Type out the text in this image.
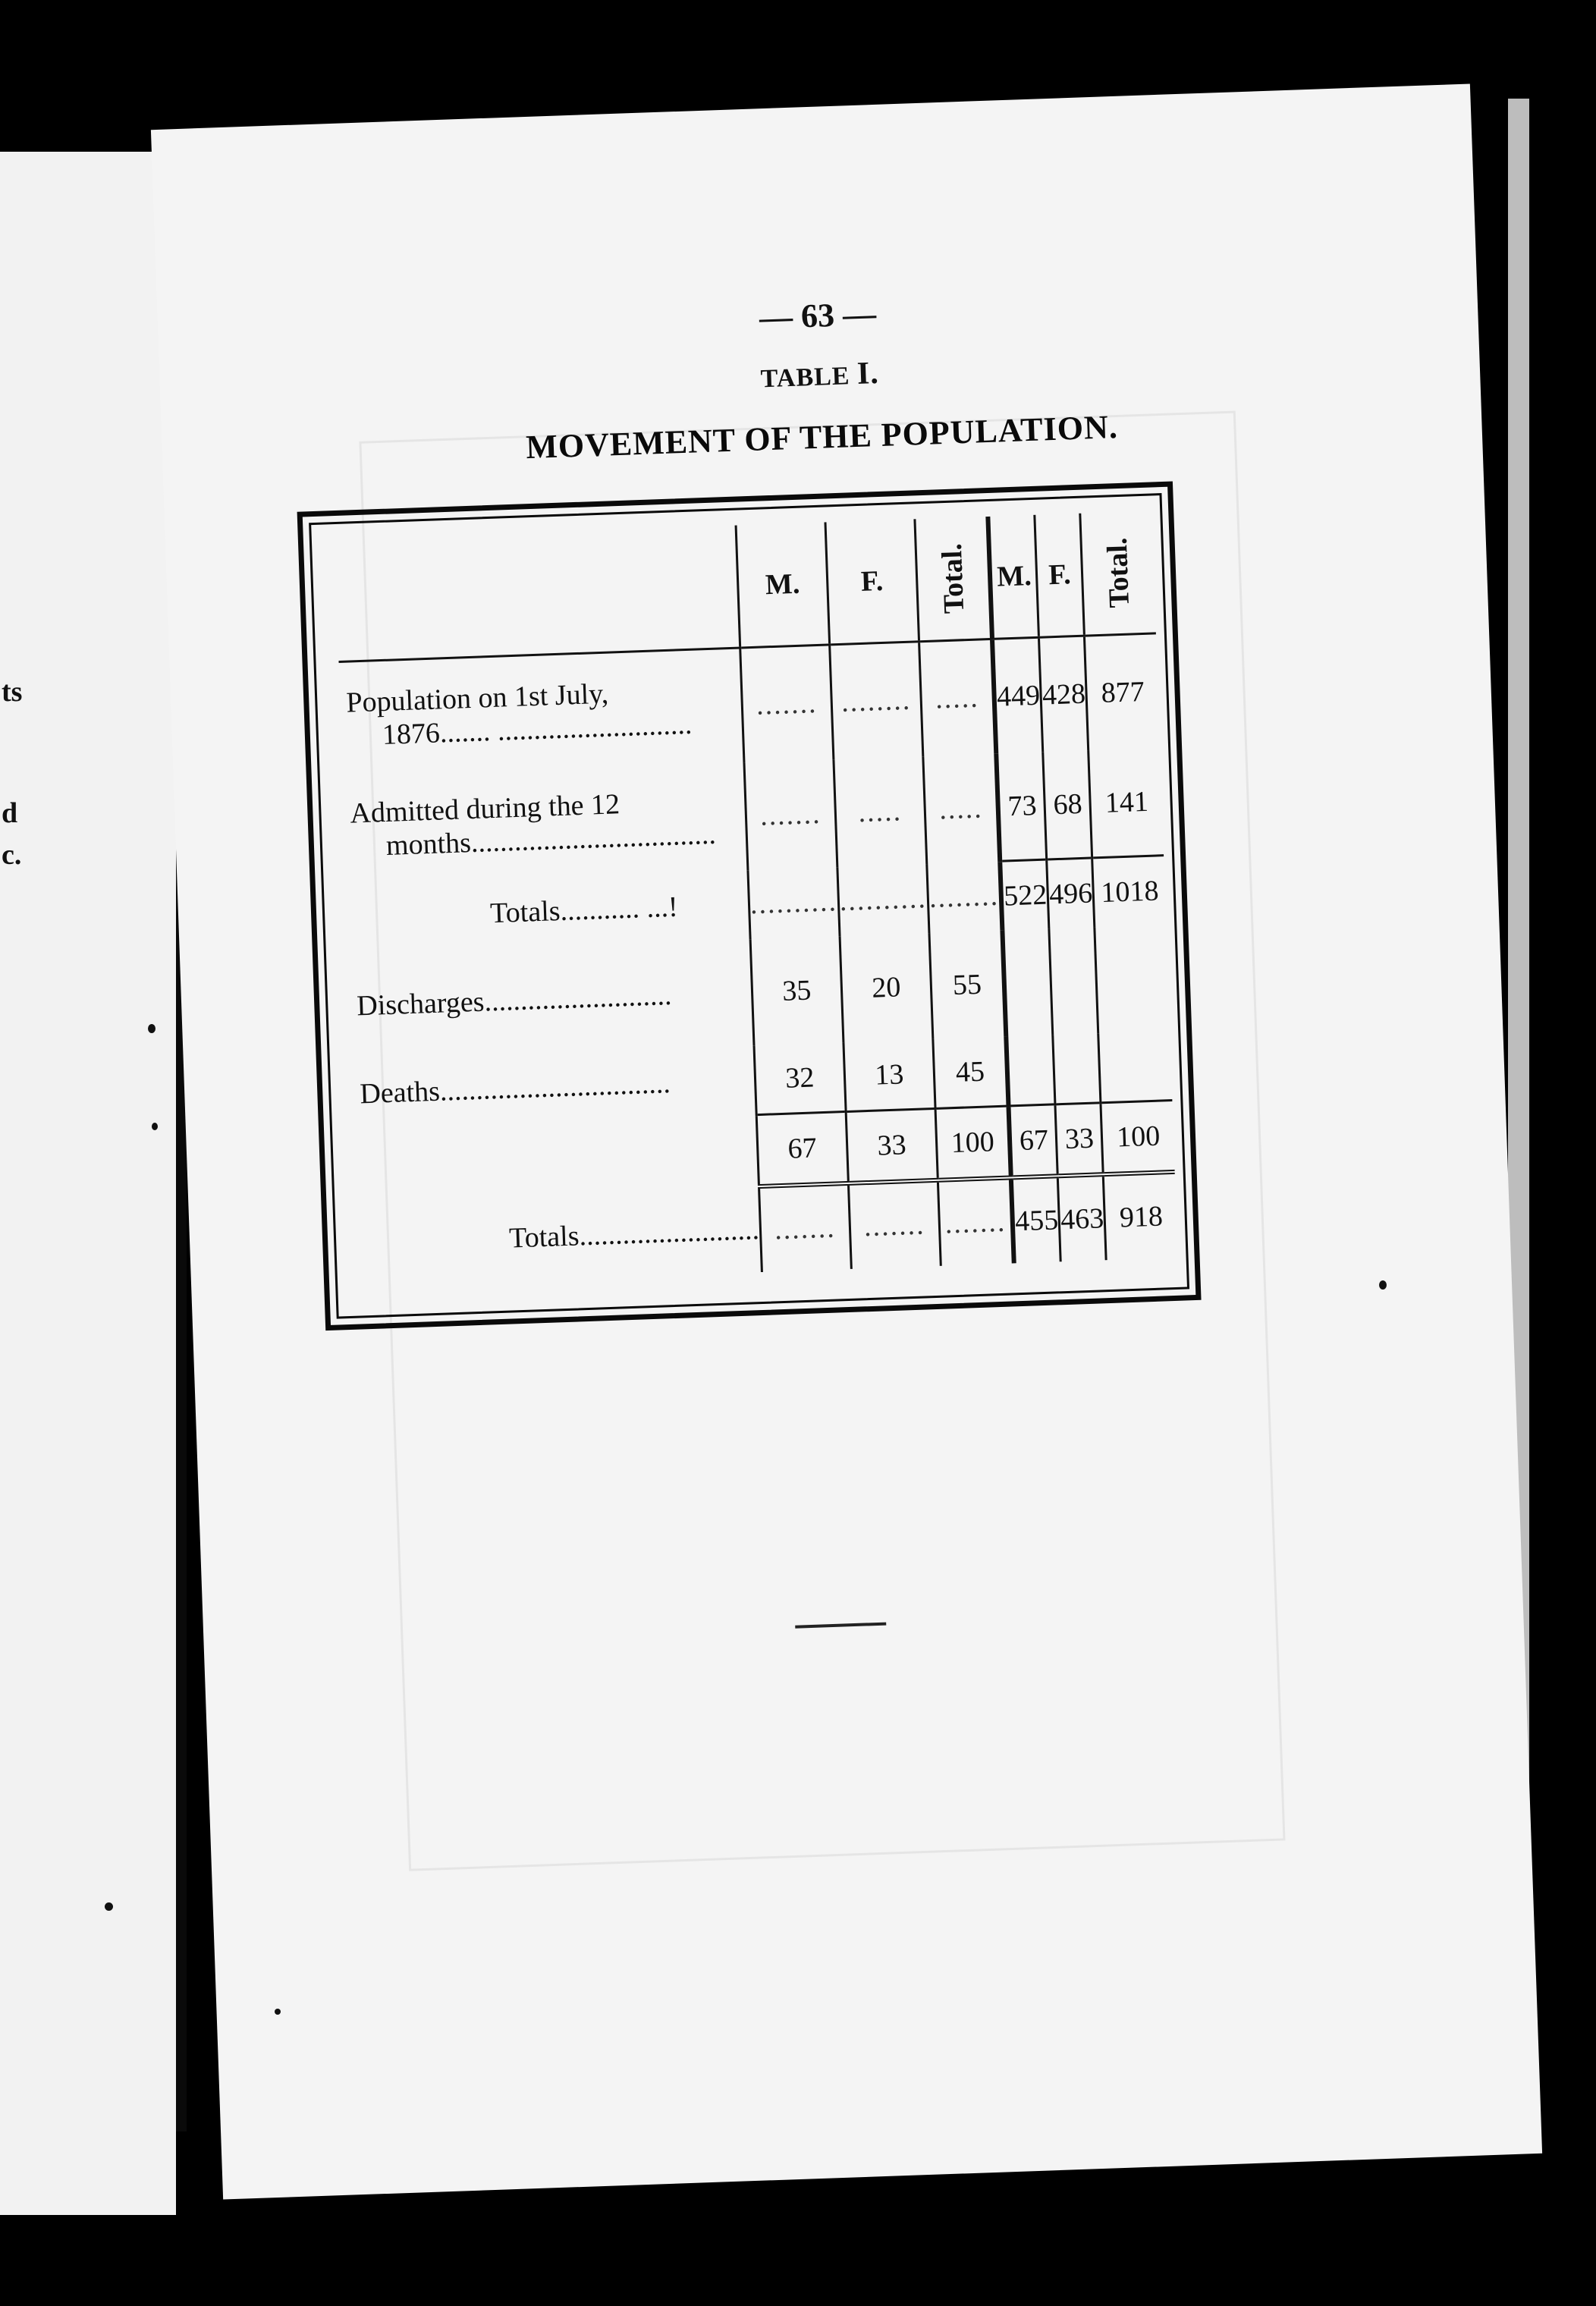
ts
d
c.
— 63 —
TABLE I.
MOVEMENT OF THE POPULATION.
	M.	F.	Total.	M.	F.	Total.
Population on 1st July,
1876....... ...........................	.......	........	.....	449	428	877
Admitted during the 12
months..................................	.......	.....	.....	73	68	141
Totals........... ...!	..........	..........	........	522	496	1018
Discharges..........................	35	20	55			
Deaths................................	32	13	45			
	67	33	100	67	33	100
Totals.........................	.......	.......	.......	455	463	918
